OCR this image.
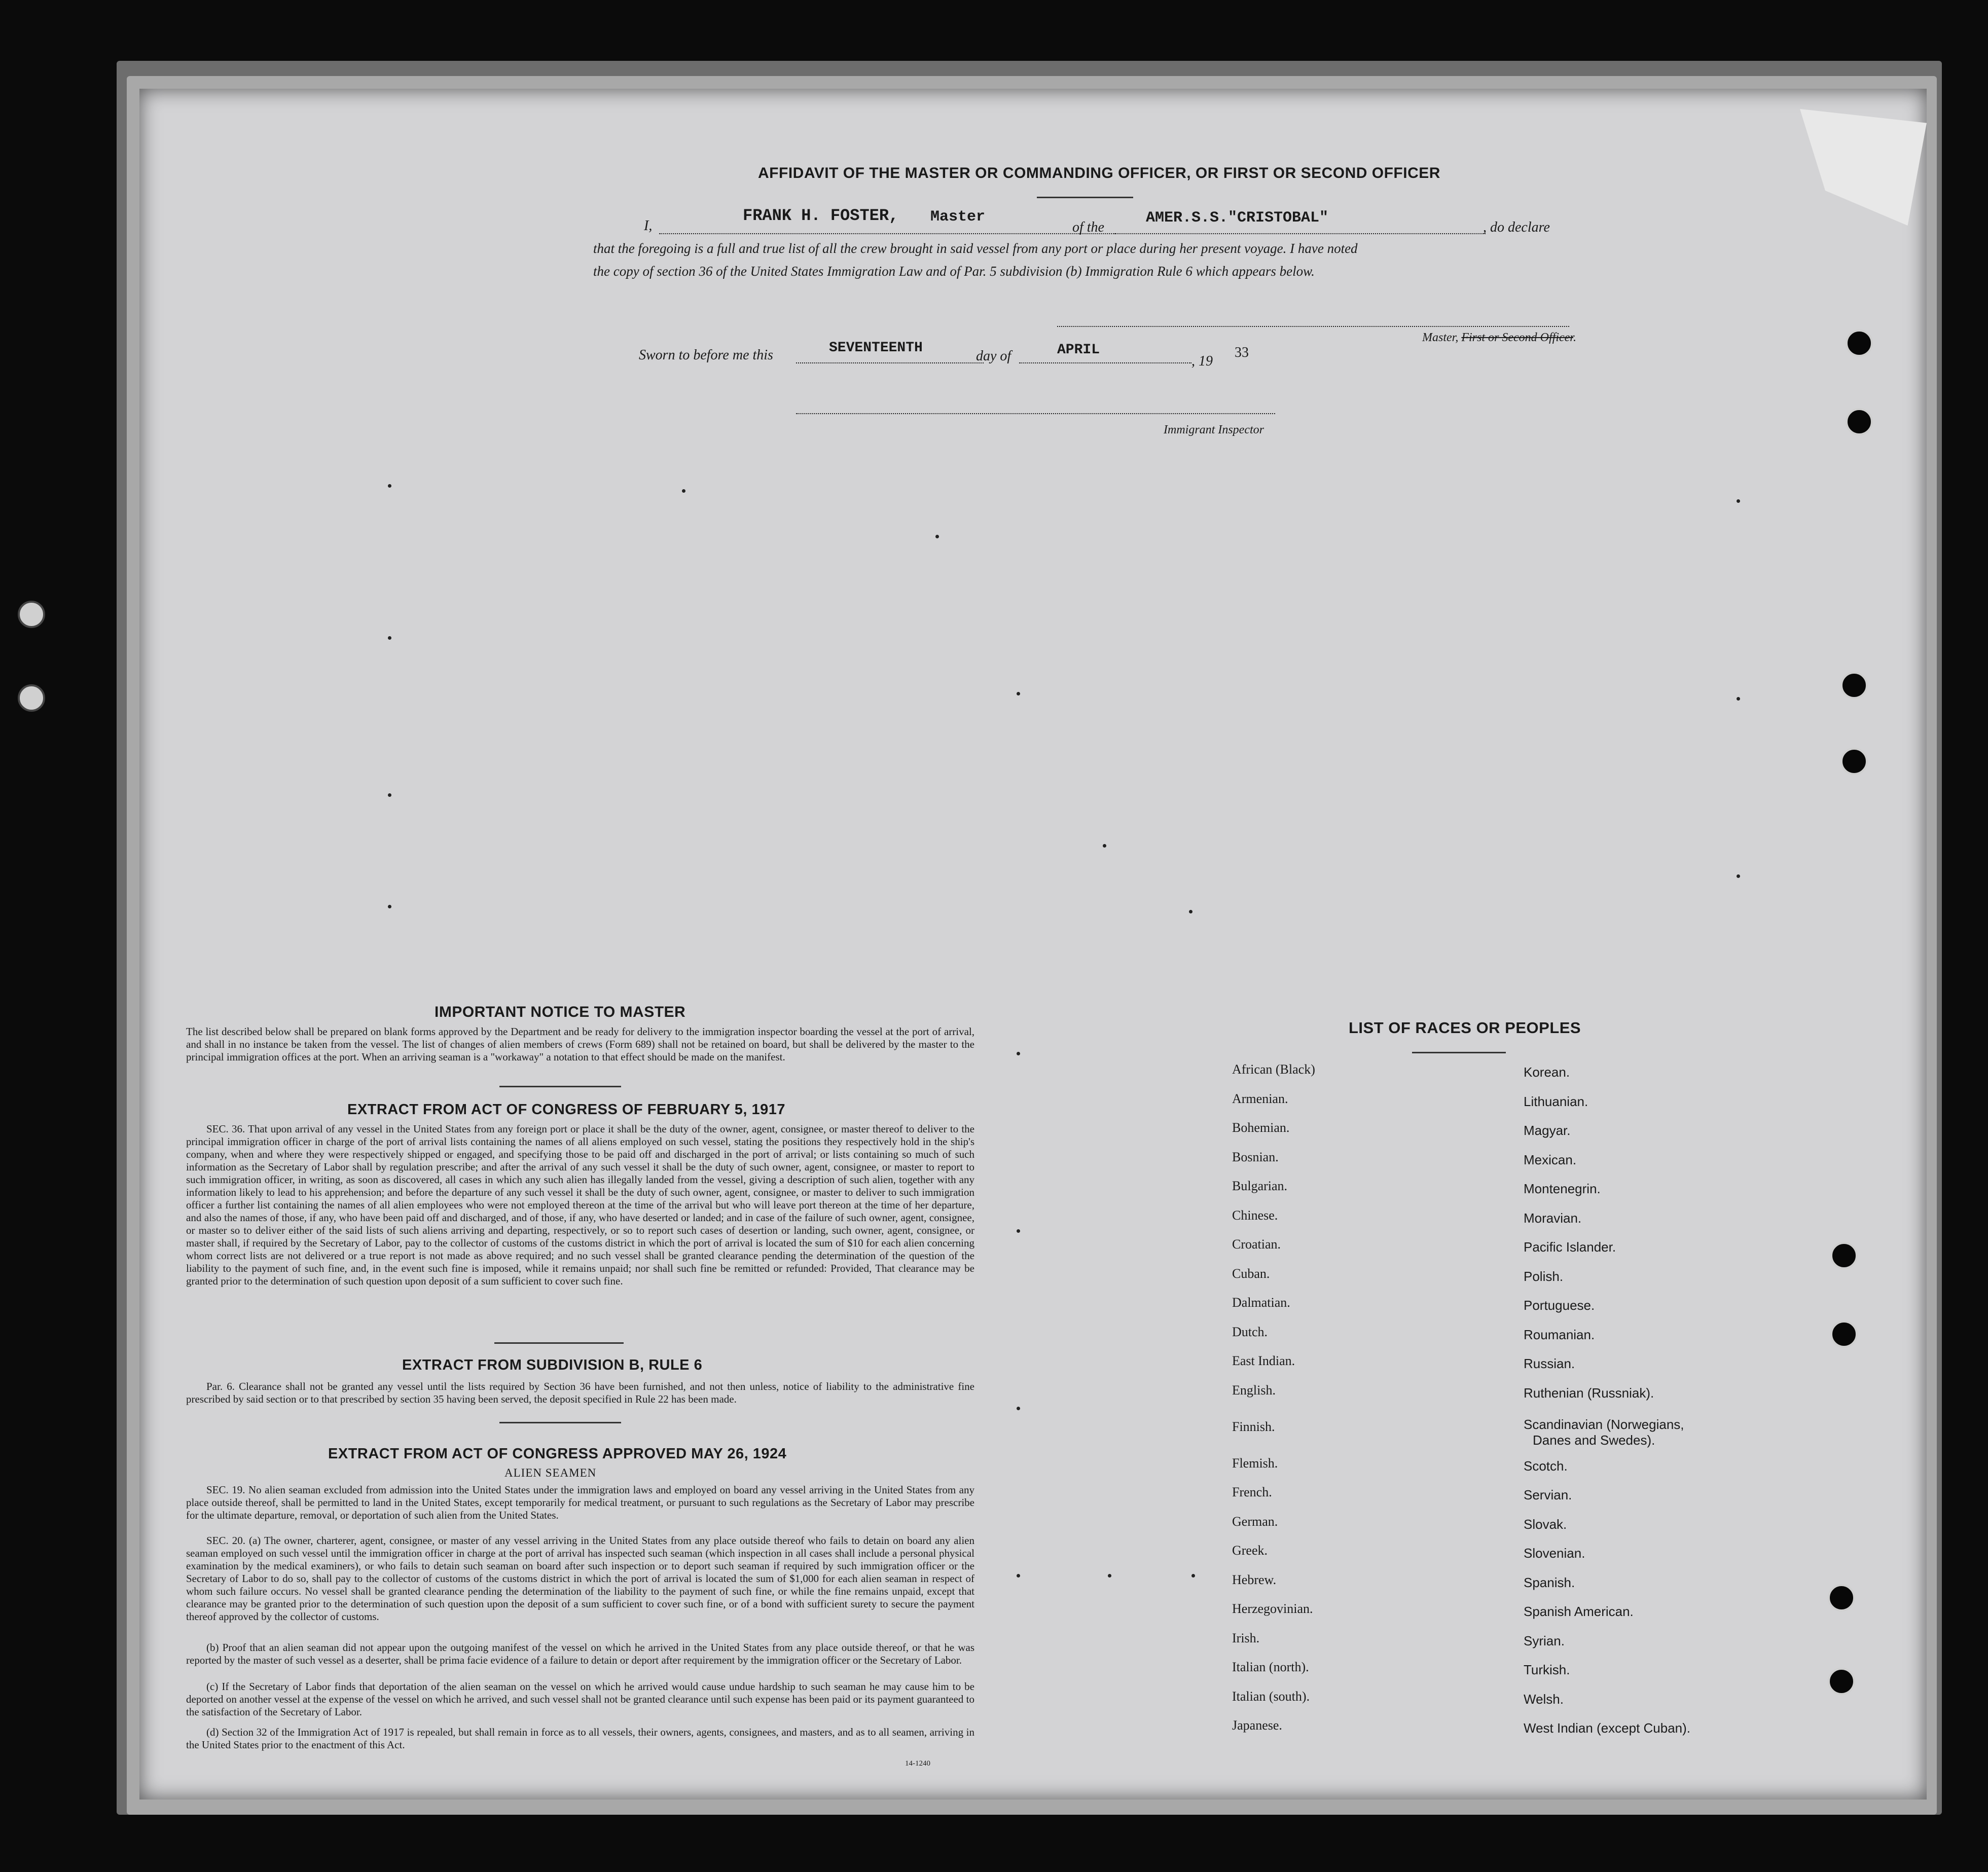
AFFIDAVIT OF THE MASTER OR COMMANDING OFFICER, OR FIRST OR SECOND OFFICER
I,
FRANK H. FOSTER, Master
of the
AMER.S.S."CRISTOBAL"
, do declare
that the foregoing is a full and true list of all the crew brought in said vessel from any port or place during her present voyage. I have noted
the copy of section 36 of the United States Immigration Law and of Par. 5 subdivision (b) Immigration Rule 6 which appears below.
Master, First or Second Officer.
Sworn to before me this	SEVENTEENTH
day of	APRIL
, 19
33
Immigrant Inspector
IMPORTANT NOTICE TO MASTER
The list described below shall be prepared on blank forms approved by the Department and be ready for delivery to the immigration inspector boarding the vessel at the port of arrival, and shall in no instance be taken from the vessel. The list of changes of alien members of crews (Form 689) shall not be retained on board, but shall be delivered by the master to the principal immigration offices at the port. When an arriving seaman is a "workaway" a notation to that effect should be made on the manifest.
EXTRACT FROM ACT OF CONGRESS OF FEBRUARY 5, 1917
SEC. 36. That upon arrival of any vessel in the United States from any foreign port or place it shall be the duty of the owner, agent, consignee, or master thereof to deliver to the principal immigration officer in charge of the port of arrival lists containing the names of all aliens employed on such vessel, stating the positions they respectively hold in the ship's company, when and where they were respectively shipped or engaged, and specifying those to be paid off and discharged in the port of arrival; or lists containing so much of such information as the Secretary of Labor shall by regulation prescribe; and after the arrival of any such vessel it shall be the duty of such owner, agent, consignee, or master to report to such immigration officer, in writing, as soon as discovered, all cases in which any such alien has illegally landed from the vessel, giving a description of such alien, together with any information likely to lead to his apprehension; and before the departure of any such vessel it shall be the duty of such owner, agent, consignee, or master to deliver to such immigration officer a further list containing the names of all alien employees who were not employed thereon at the time of the arrival but who will leave port thereon at the time of her departure, and also the names of those, if any, who have been paid off and discharged, and of those, if any, who have deserted or landed; and in case of the failure of such owner, agent, consignee, or master so to deliver either of the said lists of such aliens arriving and departing, respectively, or so to report such cases of desertion or landing, such owner, agent, consignee, or master shall, if required by the Secretary of Labor, pay to the collector of customs of the customs district in which the port of arrival is located the sum of $10 for each alien concerning whom correct lists are not delivered or a true report is not made as above required; and no such vessel shall be granted clearance pending the determination of the question of the liability to the payment of such fine, and, in the event such fine is imposed, while it remains unpaid; nor shall such fine be remitted or refunded: Provided, That clearance may be granted prior to the determination of such question upon deposit of a sum sufficient to cover such fine.
EXTRACT FROM SUBDIVISION B, RULE 6
Par. 6. Clearance shall not be granted any vessel until the lists required by Section 36 have been furnished, and not then unless, notice of liability to the administrative fine prescribed by said section or to that prescribed by section 35 having been served, the deposit specified in Rule 22 has been made.
EXTRACT FROM ACT OF CONGRESS APPROVED MAY 26, 1924
ALIEN SEAMEN
SEC. 19. No alien seaman excluded from admission into the United States under the immigration laws and employed on board any vessel arriving in the United States from any place outside thereof, shall be permitted to land in the United States, except temporarily for medical treatment, or pursuant to such regulations as the Secretary of Labor may prescribe for the ultimate departure, removal, or deportation of such alien from the United States.
SEC. 20. (a) The owner, charterer, agent, consignee, or master of any vessel arriving in the United States from any place outside thereof who fails to detain on board any alien seaman employed on such vessel until the immigration officer in charge at the port of arrival has inspected such seaman (which inspection in all cases shall include a personal physical examination by the medical examiners), or who fails to detain such seaman on board after such inspection or to deport such seaman if required by such immigration officer or the Secretary of Labor to do so, shall pay to the collector of customs of the customs district in which the port of arrival is located the sum of $1,000 for each alien seaman in respect of whom such failure occurs. No vessel shall be granted clearance pending the determination of the liability to the payment of such fine, or while the fine remains unpaid, except that clearance may be granted prior to the determination of such question upon the deposit of a sum sufficient to cover such fine, or of a bond with sufficient surety to secure the payment thereof approved by the collector of customs.
(b) Proof that an alien seaman did not appear upon the outgoing manifest of the vessel on which he arrived in the United States from any place outside thereof, or that he was reported by the master of such vessel as a deserter, shall be prima facie evidence of a failure to detain or deport after requirement by the immigration officer or the Secretary of Labor.
(c) If the Secretary of Labor finds that deportation of the alien seaman on the vessel on which he arrived would cause undue hardship to such seaman he may cause him to be deported on another vessel at the expense of the vessel on which he arrived, and such vessel shall not be granted clearance until such expense has been paid or its payment guaranteed to the satisfaction of the Secretary of Labor.
(d) Section 32 of the Immigration Act of 1917 is repealed, but shall remain in force as to all vessels, their owners, agents, consignees, and masters, and as to all seamen, arriving in the United States prior to the enactment of this Act.
14-1240
LIST OF RACES OR PEOPLES
African (Black)
Armenian.
Bohemian.
Bosnian.
Bulgarian.
Chinese.
Croatian.
Cuban.
Dalmatian.
Dutch.
East Indian.
English.
Finnish.
Flemish.
French.
German.
Greek.
Hebrew.
Herzegovinian.
Irish.
Italian (north).
Italian (south).
Japanese.
Korean.
Lithuanian.
Magyar.
Mexican.
Montenegrin.
Moravian.
Pacific Islander.
Polish.
Portuguese.
Roumanian.
Russian.
Ruthenian (Russniak).
Scandinavian (Norwegians,
Danes and Swedes).
Scotch.
Servian.
Slovak.
Slovenian.
Spanish.
Spanish American.
Syrian.
Turkish.
Welsh.
West Indian (except Cuban).
